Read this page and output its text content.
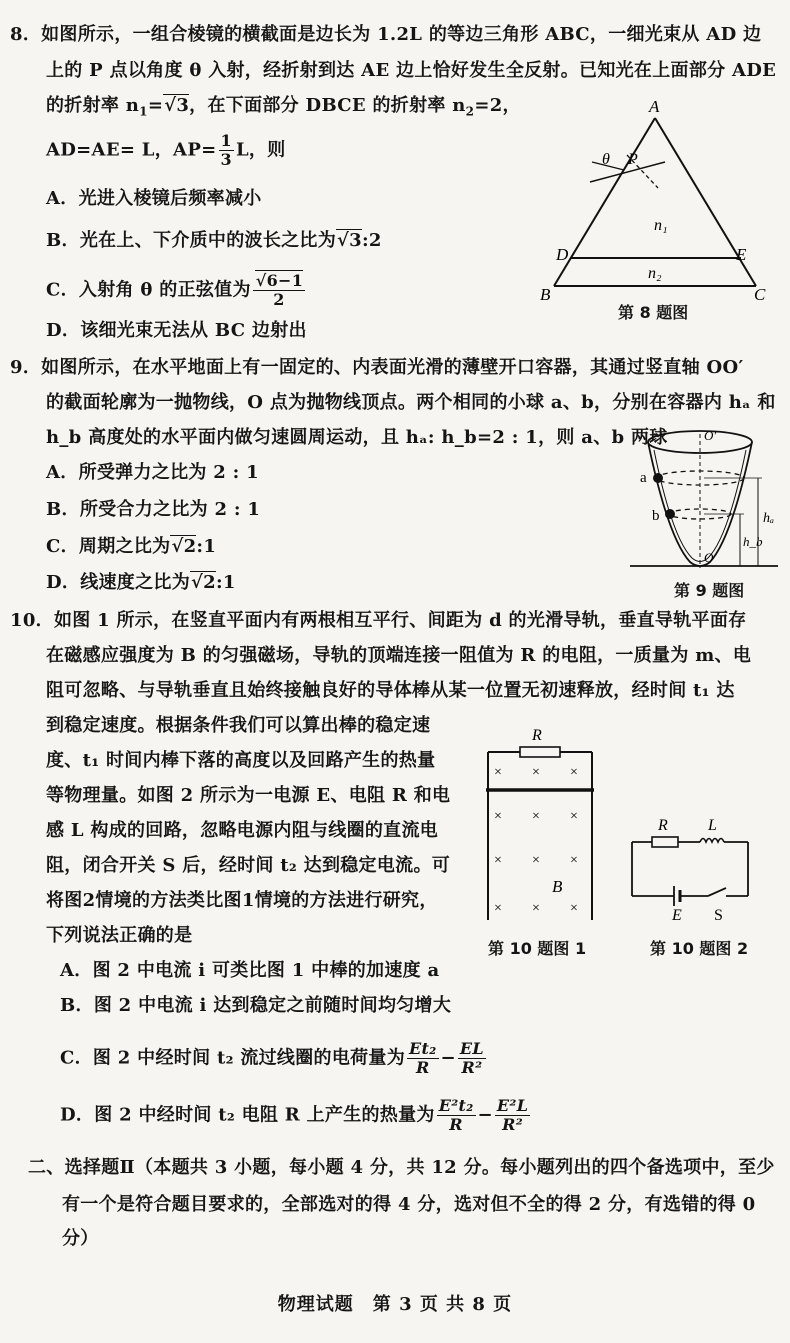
8．如图所示，一组合棱镜的横截面是边长为 1.2L 的等边三角形 ABC，一细光束从 AD 边
上的 P 点以角度 θ 入射，经折射到达 AE 边上恰好发生全反射。已知光在上面部分 ADE
的折射率 $n_1=√3$，在下面部分 DBCE 的折射率 $n_2=2$，
AD=AE= L，$AP= \frac{1}{3}$ L，则
A．光进入棱镜后频率减小
B．光在上、下介质中的波长之比为√3:2
C．入射角 θ 的正弦值为 $\frac{√6-1}{2}$
D．该细光束无法从 BC 边射出
A
P
θ
n₁
n₂
D	E
B	C
第 8 题图
9．如图所示，在水平地面上有一固定的、内表面光滑的薄壁开口容器，其通过竖直轴 OO′
的截面轮廓为一抛物线，O 点为抛物线顶点。两个相同的小球 a、b，分别在容器内 hₐ 和
h_b 高度处的水平面内做匀速圆周运动，且 hₐ: h_b=2 : 1，则 a、b 两球
A．所受弹力之比为 2 : 1
B．所受合力之比为 2 : 1
C．周期之比为√2:1
D．线速度之比为√2:1
O′
O
a
b	hₐ
h_b
第 9 题图
10．如图 1 所示，在竖直平面内有两根相互平行、间距为 d 的光滑导轨，垂直导轨平面存
在磁感应强度为 B 的匀强磁场，导轨的顶端连接一阻值为 R 的电阻，一质量为 m、电
阻可忽略、与导轨垂直且始终接触良好的导体棒从某一位置无初速释放，经时间 t₁ 达
到稳定速度。根据条件我们可以算出棒的稳定速
度、t₁ 时间内棒下落的高度以及回路产生的热量
等物理量。如图 2 所示为一电源 E、电阻 R 和电
感 L 构成的回路，忽略电源内阻与线圈的直流电
阻，闭合开关 S 后，经时间 t₂ 达到稳定电流。可
将图2情境的方法类比图1情境的方法进行研究，
下列说法正确的是
A．图 2 中电流 i 可类比图 1 中棒的加速度 a
B．图 2 中电流 i 达到稳定之前随时间均匀增大
C．图 2 中经时间 t₂ 流过线圈的电荷量为 $\frac{\text{Et₂}}{R} - \frac{EL}{\text{R²}}$
D．图 2 中经时间 t₂ 电阻 R 上产生的热量为 $\frac{\text{E²t₂}}{R} - \frac{\text{E²L}}{\text{R²}}$
R
B
× × ×
× × ×
× × ×
× × ×
第 10 题图 1
R	L
E S
第 10 题图 2
二、选择题Ⅱ（本题共 3 小题，每小题 4 分，共 12 分。每小题列出的四个备选项中，至少
有一个是符合题目要求的，全部选对的得 4 分，选对但不全的得 2 分，有选错的得 0
分）
物理试题　第 3 页 共 8 页
